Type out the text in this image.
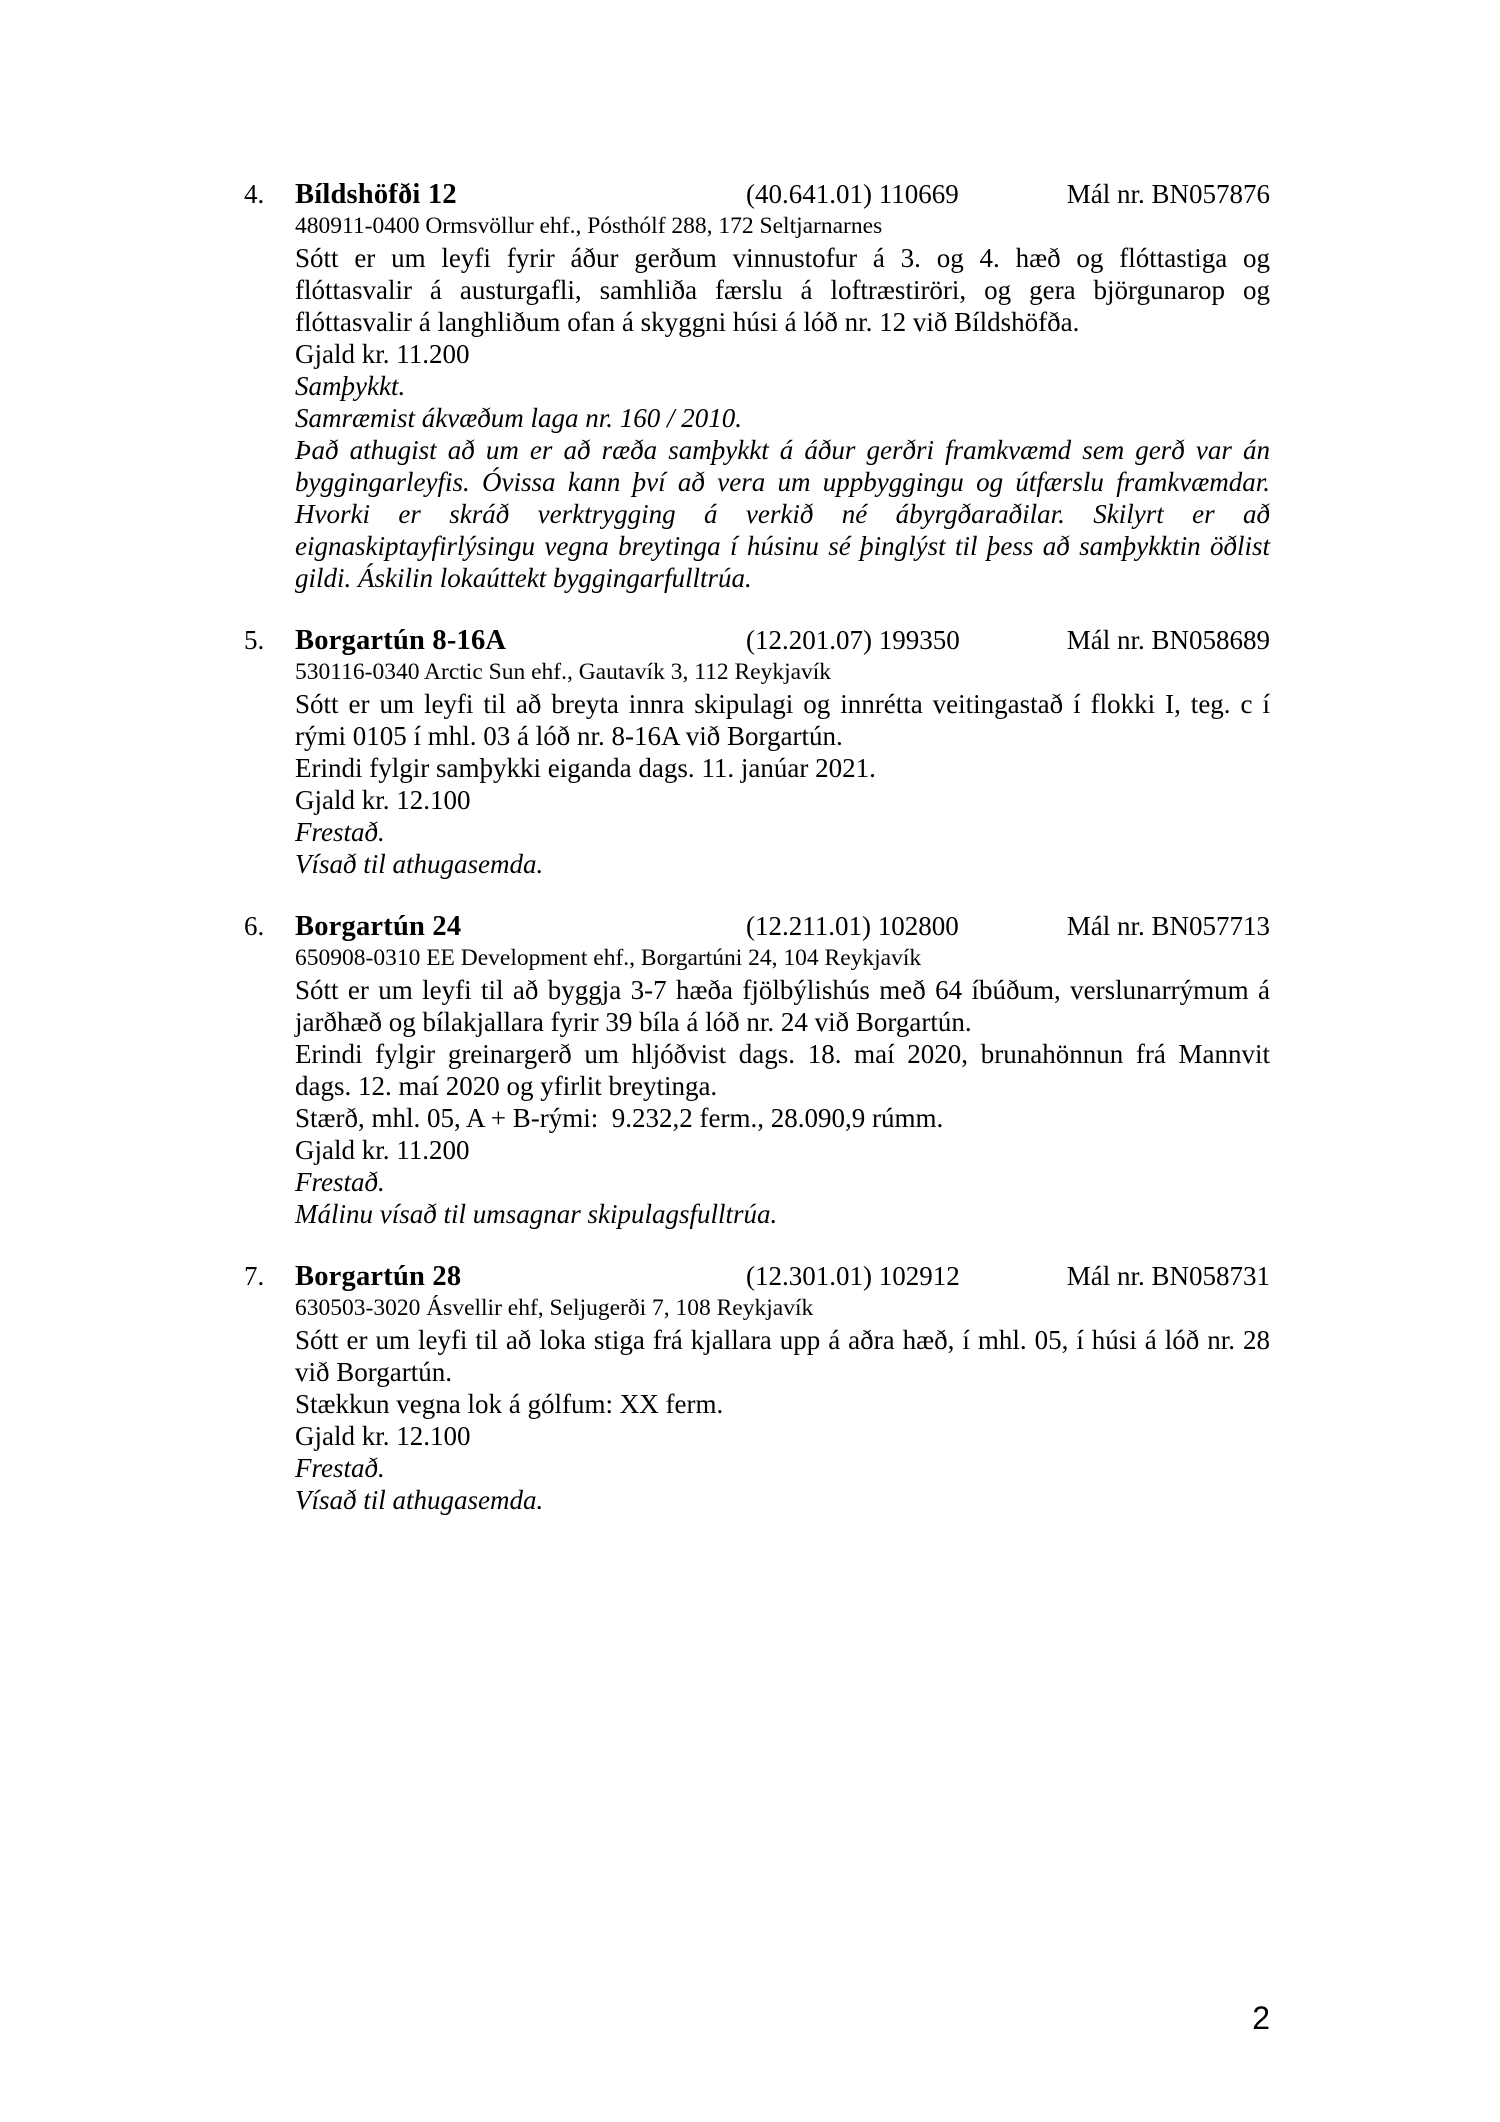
4.	Bíldshöfði 12	(40.641.01) 110669	Mál nr. BN057876
480911-0400 Ormsvöllur ehf., Pósthólf 288, 172 Seltjarnarnes
Sótt er um leyfi fyrir áður gerðum vinnustofur á 3. og 4. hæð og flóttastiga og
flóttasvalir á austurgafli, samhliða færslu á loftræstiröri, og gera björgunarop og
flóttasvalir á langhliðum ofan á skyggni húsi á lóð nr. 12 við Bíldshöfða.
Gjald kr. 11.200
Samþykkt.
Samræmist ákvæðum laga nr. 160 / 2010.
Það athugist að um er að ræða samþykkt á áður gerðri framkvæmd sem gerð var án
byggingarleyfis. Óvissa kann því að vera um uppbyggingu og útfærslu framkvæmdar.
Hvorki er skráð verktrygging á verkið né ábyrgðaraðilar. Skilyrt er að
eignaskiptayfirlýsingu vegna breytinga í húsinu sé þinglýst til þess að samþykktin öðlist
gildi. Áskilin lokaúttekt byggingarfulltrúa.
5.	Borgartún 8-16A	(12.201.07) 199350	Mál nr. BN058689
530116-0340 Arctic Sun ehf., Gautavík 3, 112 Reykjavík
Sótt er um leyfi til að breyta innra skipulagi og innrétta veitingastað í flokki I, teg. c í
rými 0105 í mhl. 03 á lóð nr. 8-16A við Borgartún.
Erindi fylgir samþykki eiganda dags. 11. janúar 2021.
Gjald kr. 12.100
Frestað.
Vísað til athugasemda.
6.	Borgartún 24	(12.211.01) 102800	Mál nr. BN057713
650908-0310 EE Development ehf., Borgartúni 24, 104 Reykjavík
Sótt er um leyfi til að byggja 3-7 hæða fjölbýlishús með 64 íbúðum, verslunarrýmum á
jarðhæð og bílakjallara fyrir 39 bíla á lóð nr. 24 við Borgartún.
Erindi fylgir greinargerð um hljóðvist dags. 18. maí 2020, brunahönnun frá Mannvit
dags. 12. maí 2020 og yfirlit breytinga.
Stærð, mhl. 05, A + B-rými:  9.232,2 ferm., 28.090,9 rúmm.
Gjald kr. 11.200
Frestað.
Málinu vísað til umsagnar skipulagsfulltrúa.
7.	Borgartún 28	(12.301.01) 102912	Mál nr. BN058731
630503-3020 Ásvellir ehf, Seljugerði 7, 108 Reykjavík
Sótt er um leyfi til að loka stiga frá kjallara upp á aðra hæð, í mhl. 05, í húsi á lóð nr. 28
við Borgartún.
Stækkun vegna lok á gólfum: XX ferm.
Gjald kr. 12.100
Frestað.
Vísað til athugasemda.
2
